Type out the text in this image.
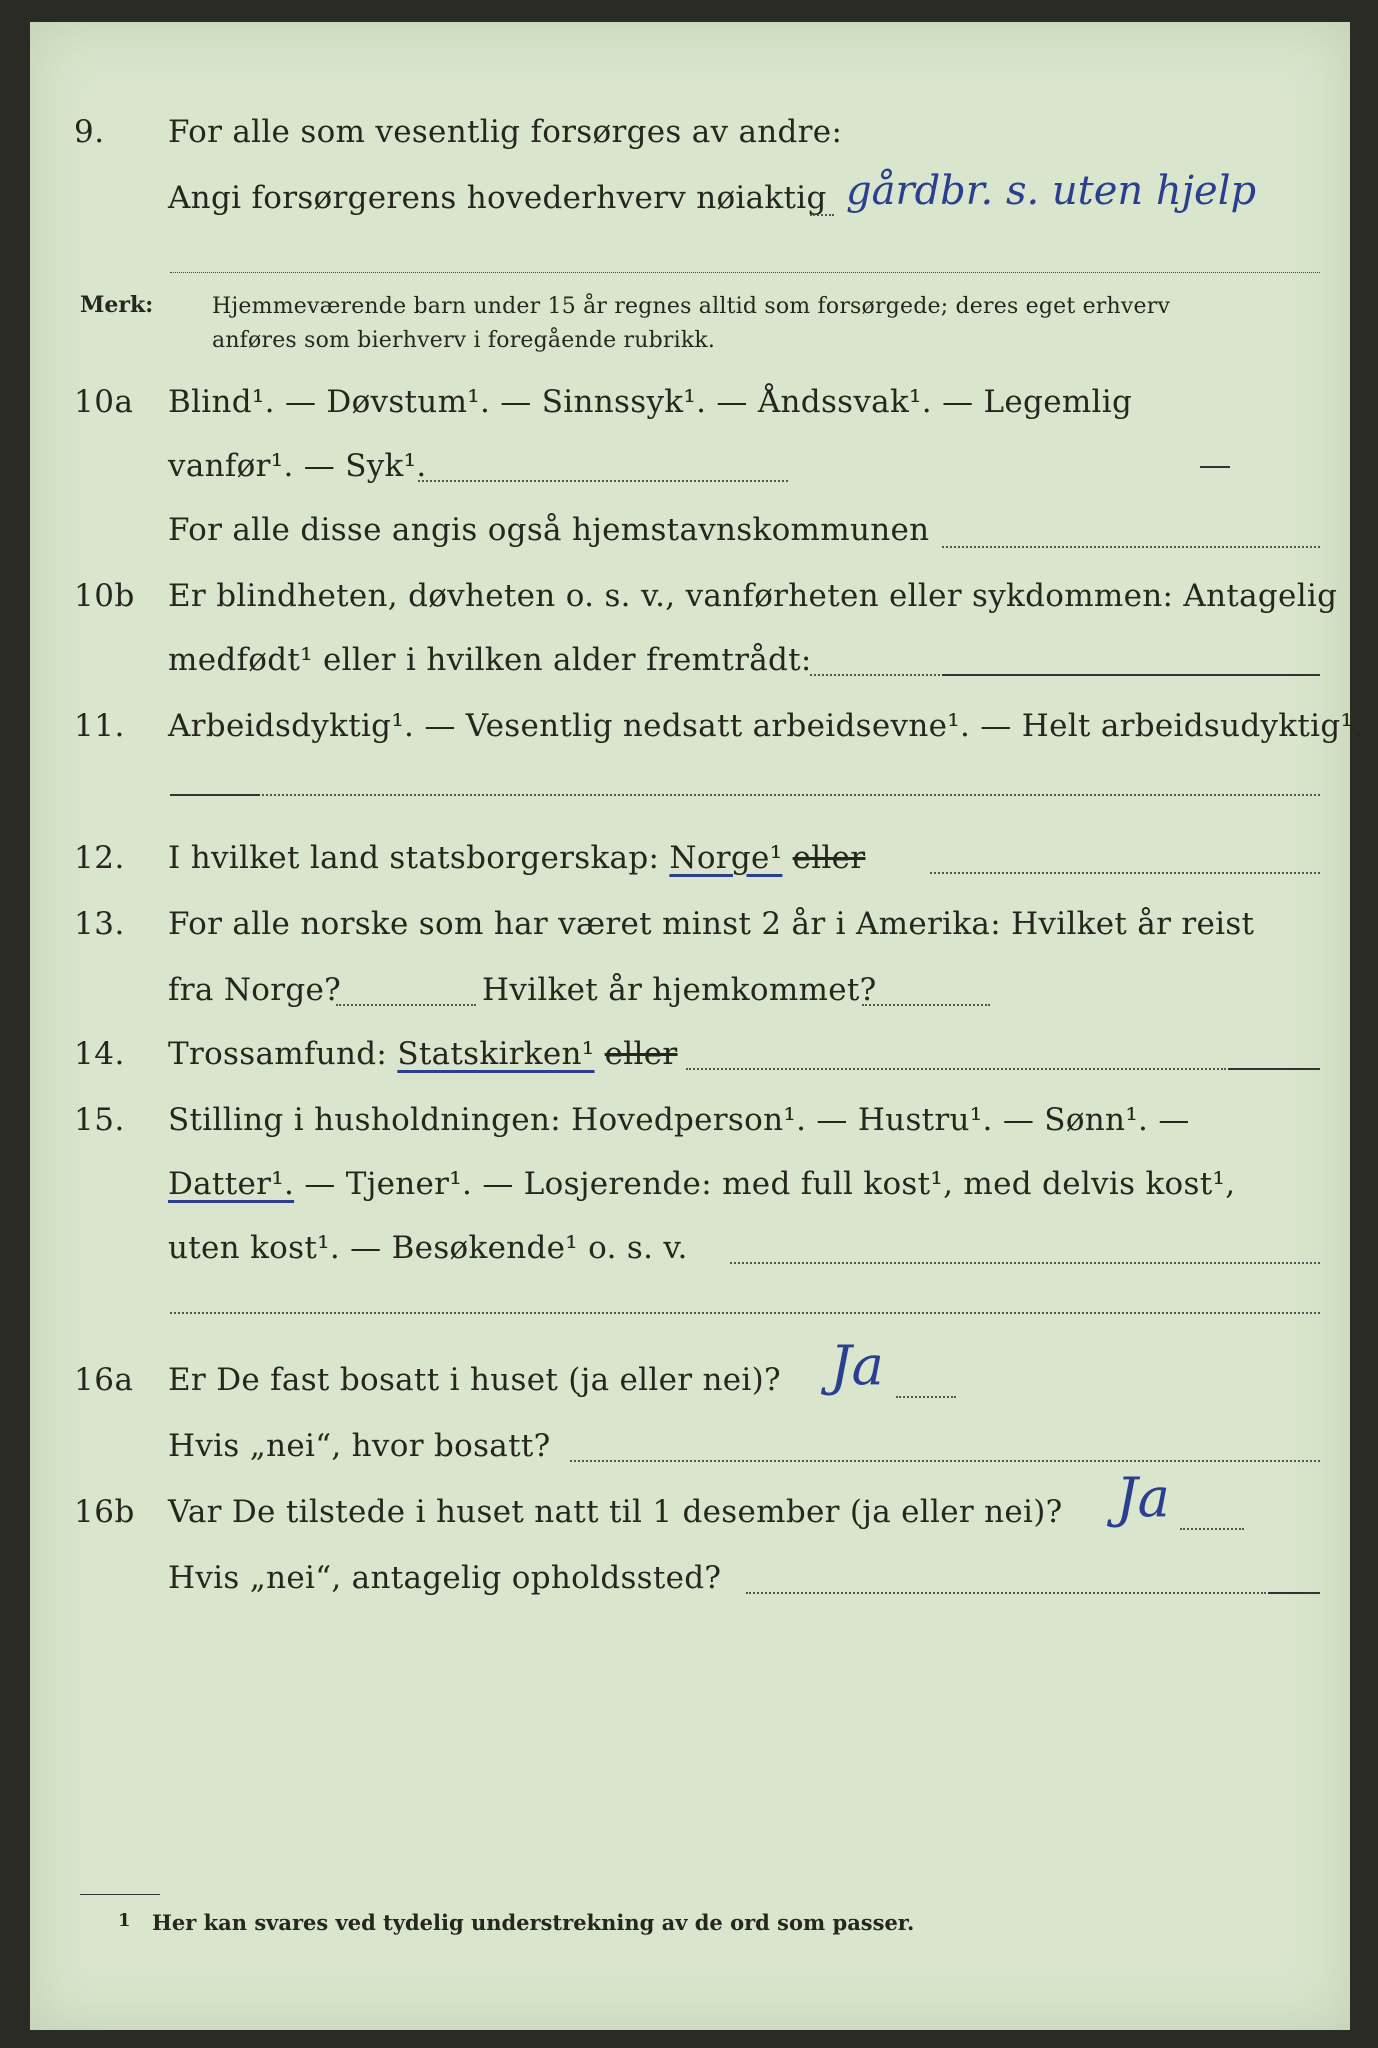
9. For alle som vesentlig forsørges av andre:
Angi forsørgerens hovederhverv nøiaktig gårdbr. s. uten hjelp
Merk:	Hjemmeværende barn under 15 år regnes alltid som forsørgede; deres eget erhverv
anføres som bierhverv i foregående rubrikk.
10a Blind¹. — Døvstum¹. — Sinnssyk¹. — Åndssvak¹. — Legemlig
vanfør¹. — Syk¹.
For alle disse angis også hjemstavnskommunen
10b Er blindheten, døvheten o. s. v., vanførheten eller sykdommen: Antagelig
medfødt¹ eller i hvilken alder fremtrådt:
11. Arbeidsdyktig¹. — Vesentlig nedsatt arbeidsevne¹. — Helt arbeidsudyktig¹.
12. I hvilket land statsborgerskap: Norge¹ eller
13. For alle norske som har været minst 2 år i Amerika: Hvilket år reist
fra Norge?	Hvilket år hjemkommet?
14. Trossamfund: Statskirken¹ eller
15. Stilling i husholdningen: Hovedperson¹. — Hustru¹. — Sønn¹. —
Datter¹. — Tjener¹. — Losjerende: med full kost¹, med delvis kost¹,
uten kost¹. — Besøkende¹ o. s. v.
16a Er De fast bosatt i huset (ja eller nei)? Ja
Hvis „nei“, hvor bosatt?
16b Var De tilstede i huset natt til 1 desember (ja eller nei)? Ja
Hvis „nei“, antagelig opholdssted?
1 Her kan svares ved tydelig understrekning av de ord som passer.
